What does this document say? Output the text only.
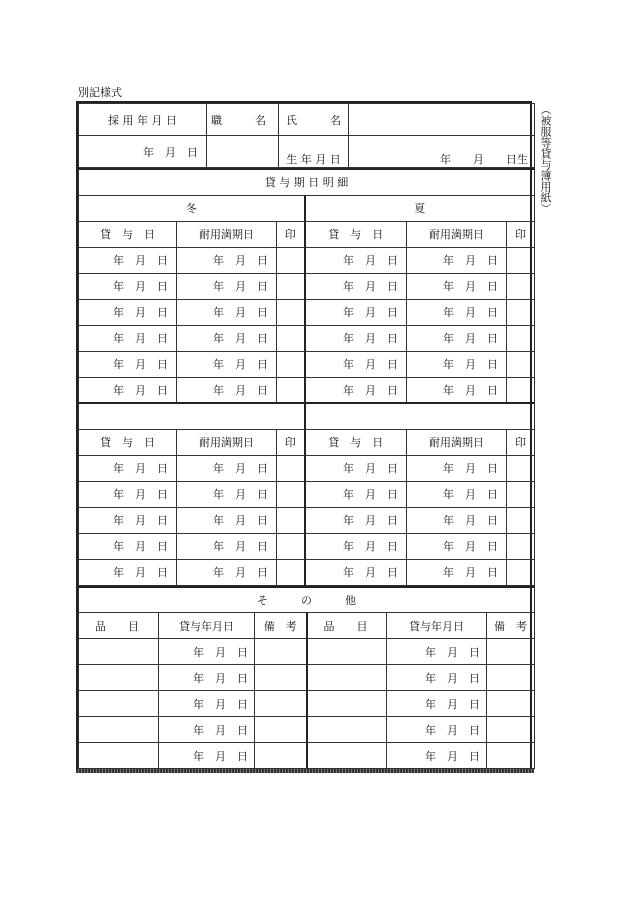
別記様式
（被服等貸与簿用紙）
採 用 年 月 日	職　　　名	氏　　　名	
年　月　日		生 年 月 日	年　　月　　日生
貸 与 期 日 明 細					
冬			夏		
貸　与　日	耐用満期日	印	貸　与　日	耐用満期日	印
年　月　日	年　月　日		年　月　日	年　月　日	
年　月　日	年　月　日		年　月　日	年　月　日	
年　月　日	年　月　日		年　月　日	年　月　日	
年　月　日	年　月　日		年　月　日	年　月　日	
年　月　日	年　月　日		年　月　日	年　月　日	
年　月　日	年　月　日		年　月　日	年　月　日	

貸　与　日	耐用満期日	印	貸　与　日	耐用満期日	印
年　月　日	年　月　日		年　月　日	年　月　日	
年　月　日	年　月　日		年　月　日	年　月　日	
年　月　日	年　月　日		年　月　日	年　月　日	
年　月　日	年　月　日		年　月　日	年　月　日	
年　月　日	年　月　日		年　月　日	年　月　日	
そ　　　の　　　他					
品　　目	貸与年月日	備　考	品　　目	貸与年月日	備　考
	年　月　日			年　月　日	
	年　月　日			年　月　日	
	年　月　日			年　月　日	
	年　月　日			年　月　日	
	年　月　日			年　月　日	
